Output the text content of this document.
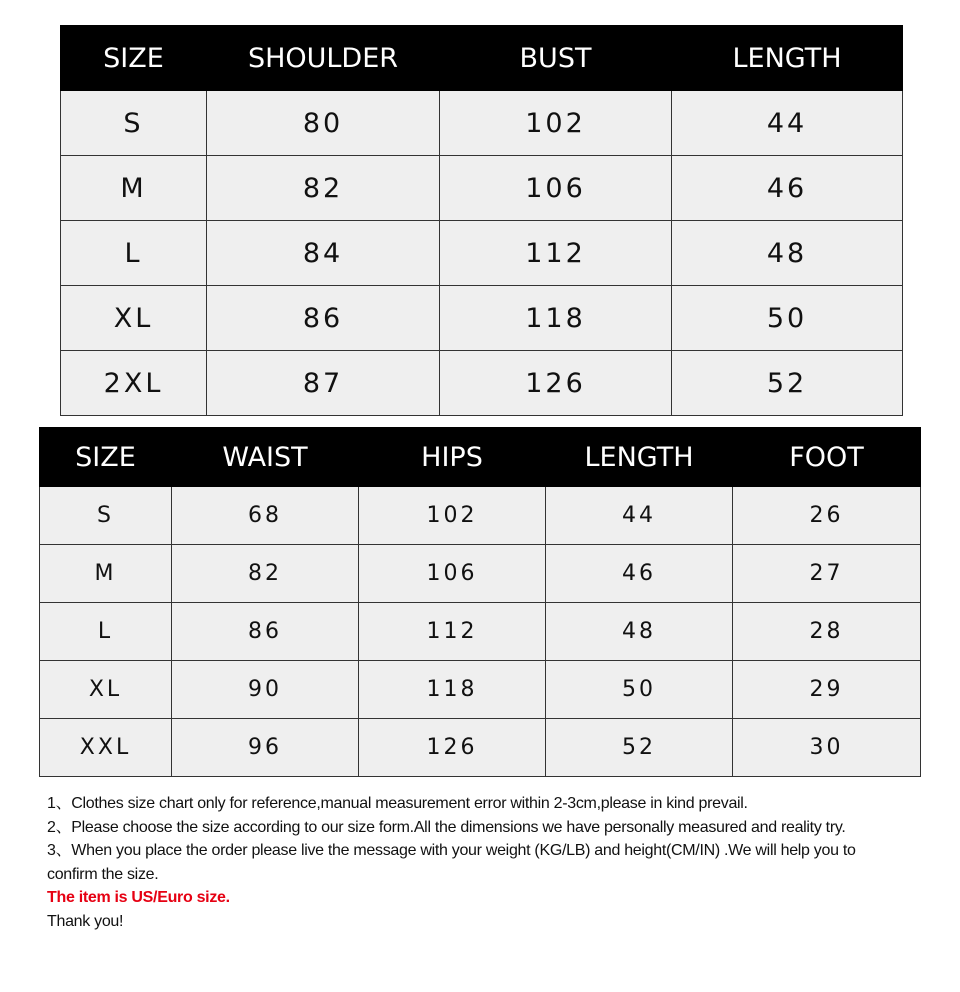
SIZE	SHOULDER	BUST	LENGTH
S	80	102	44
M	82	106	46
L	84	112	48
XL	86	118	50
2XL	87	126	52
SIZE	WAIST	HIPS	LENGTH	FOOT
S	68	102	44	26
M	82	106	46	27
L	86	112	48	28
XL	90	118	50	29
XXL	96	126	52	30
1、Clothes size chart only for reference,manual measurement error within 2-3cm,please in kind prevail.
2、Please choose the size according to our size form.All the dimensions we have personally measured and reality try.
3、When you place the order please live the message with your weight (KG/LB) and height(CM/IN) .We will help you to confirm the size.
The item is US/Euro size.
Thank you!
